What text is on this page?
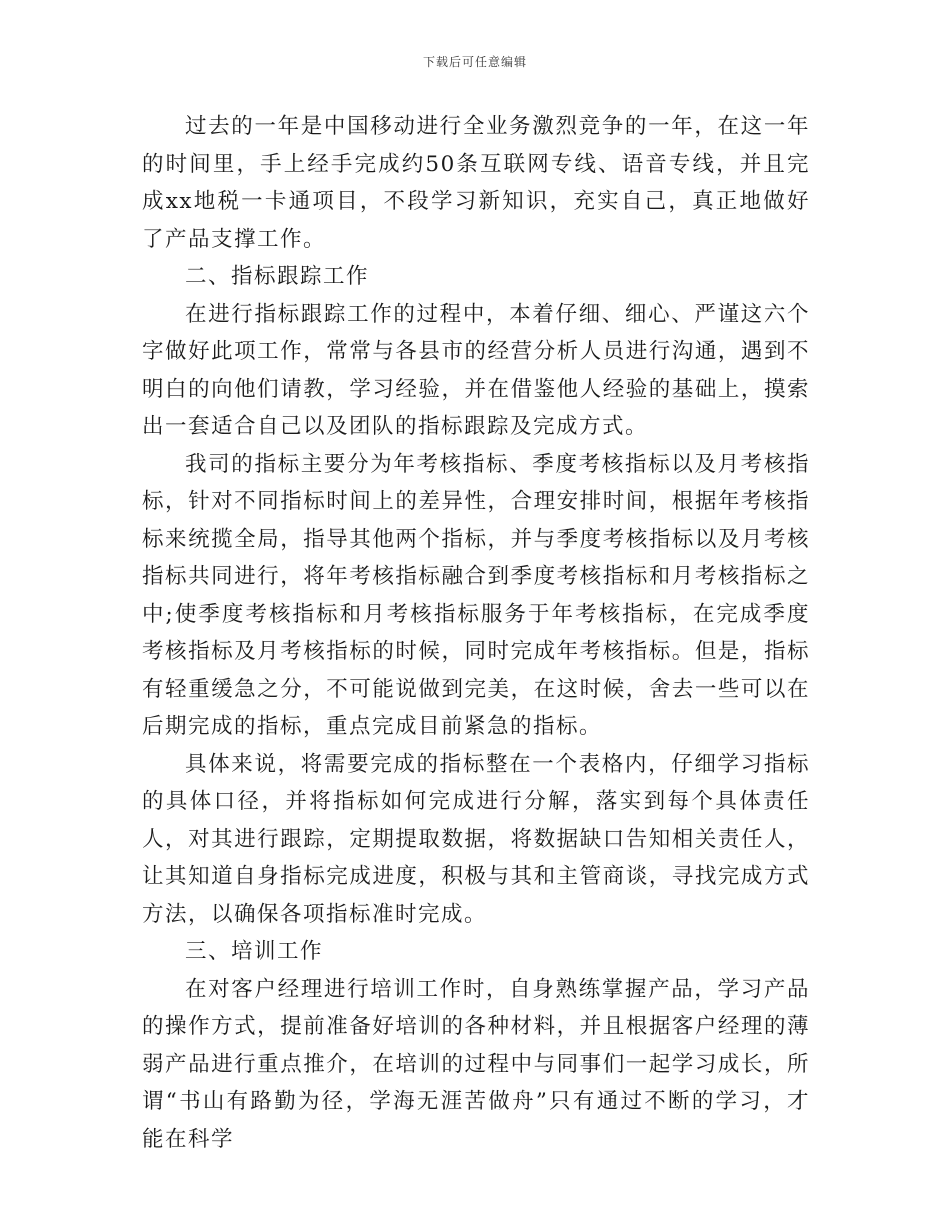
下载后可任意编辑

过去的一年是中国移动进行全业务激烈竞争的一年，在这一年的时间里，手上经手完成约50条互联网专线、语音专线，并且完成xx地税一卡通项目，不段学习新知识，充实自己，真正地做好了产品支撑工作。

二、指标跟踪工作

在进行指标跟踪工作的过程中，本着仔细、细心、严谨这六个字做好此项工作，常常与各县市的经营分析人员进行沟通，遇到不明白的向他们请教，学习经验，并在借鉴他人经验的基础上，摸索出一套适合自己以及团队的指标跟踪及完成方式。

我司的指标主要分为年考核指标、季度考核指标以及月考核指标，针对不同指标时间上的差异性，合理安排时间，根据年考核指标来统揽全局，指导其他两个指标，并与季度考核指标以及月考核指标共同进行，将年考核指标融合到季度考核指标和月考核指标之中;使季度考核指标和月考核指标服务于年考核指标，在完成季度考核指标及月考核指标的时候，同时完成年考核指标。但是，指标有轻重缓急之分，不可能说做到完美，在这时候，舍去一些可以在后期完成的指标，重点完成目前紧急的指标。

具体来说，将需要完成的指标整在一个表格内，仔细学习指标的具体口径，并将指标如何完成进行分解，落实到每个具体责任人，对其进行跟踪，定期提取数据，将数据缺口告知相关责任人，让其知道自身指标完成进度，积极与其和主管商谈，寻找完成方式方法，以确保各项指标准时完成。

三、培训工作

在对客户经理进行培训工作时，自身熟练掌握产品，学习产品的操作方式，提前准备好培训的各种材料，并且根据客户经理的薄弱产品进行重点推介，在培训的过程中与同事们一起学习成长，所谓“书山有路勤为径，学海无涯苦做舟”只有通过不断的学习，才能在科学
